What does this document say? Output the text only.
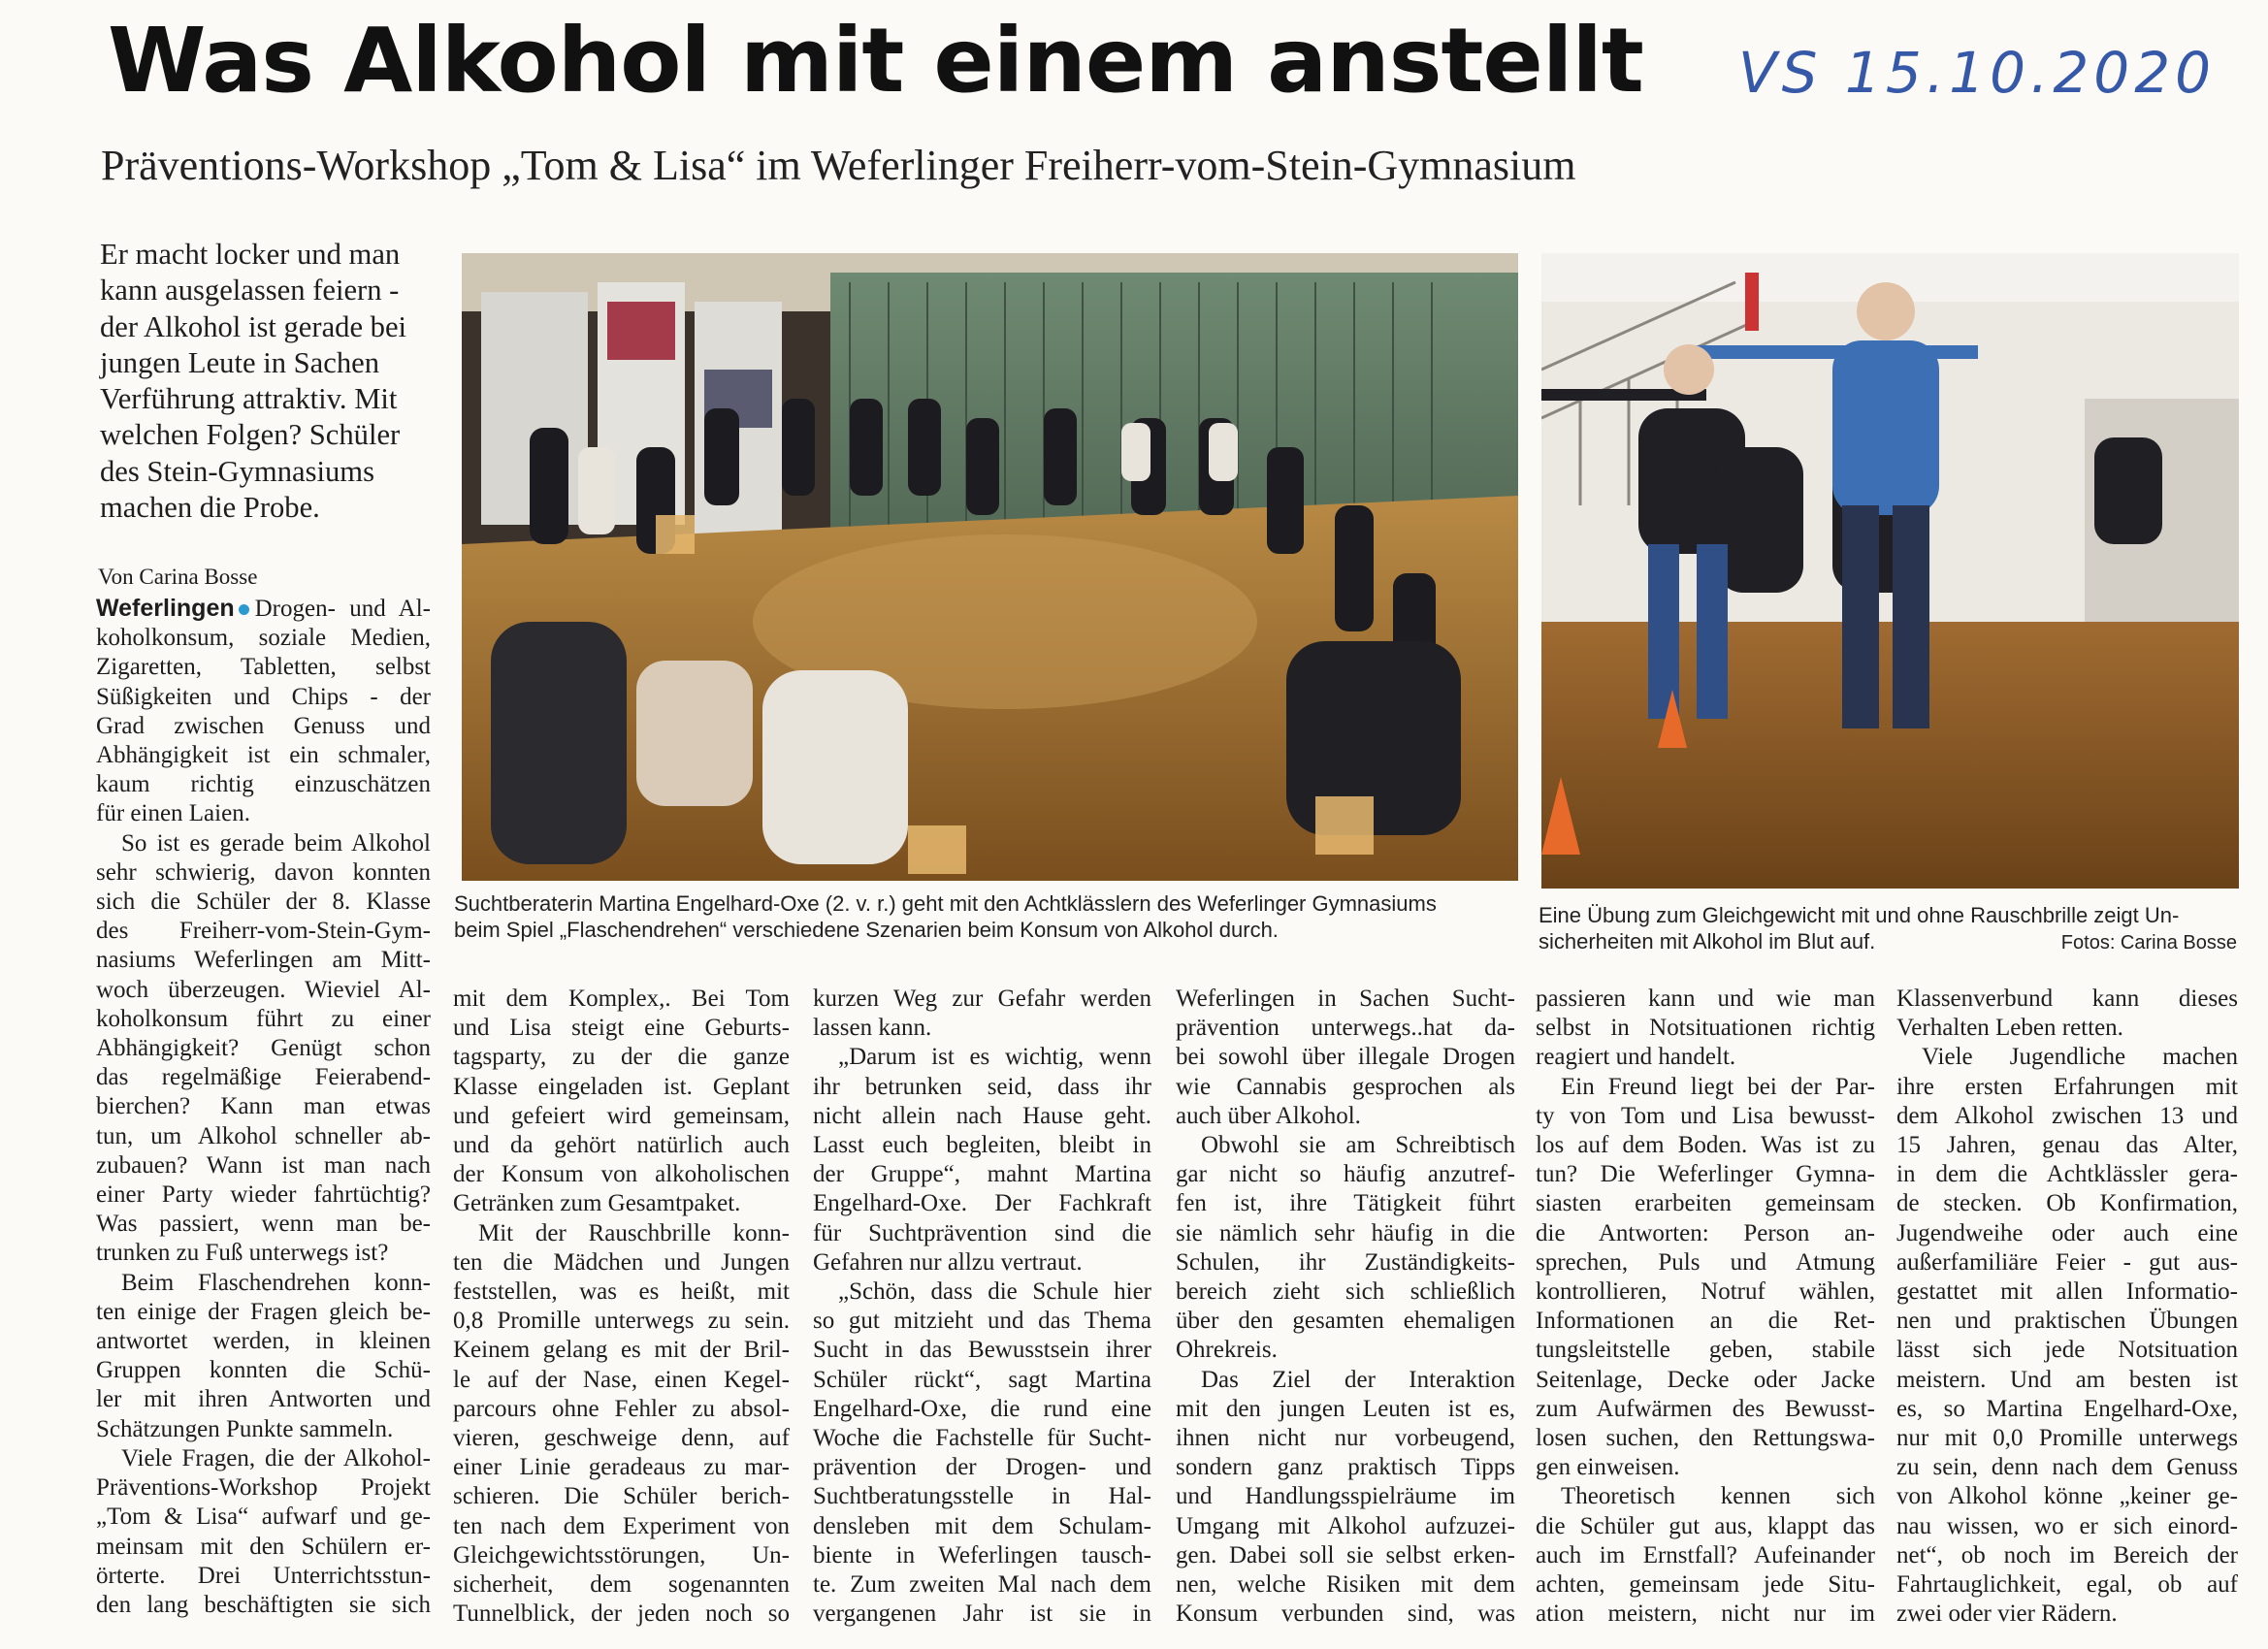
Was Alkohol mit einem anstellt VS 15.10.2020
Präventions-Workshop „Tom & Lisa“ im Weferlinger Freiherr-vom-Stein-Gymnasium
Er macht locker und man
kann ausgelassen feiern -
der Alkohol ist gerade bei
jungen Leute in Sachen
Verführung attraktiv. Mit
welchen Folgen? Schüler
des Stein-Gymnasiums
machen die Probe.
Von Carina Bosse
Suchtberaterin Martina Engelhard-Oxe (2. v. r.) geht mit den Achtklässlern des Weferlinger Gymnasiums
beim Spiel „Flaschendrehen“ verschiedene Szenarien beim Konsum von Alkohol durch.
Eine Übung zum Gleichgewicht mit und ohne Rauschbrille zeigt Un-
sicherheiten mit Alkohol im Blut auf.	Fotos: Carina Bosse
Weferlingen Drogen- und Al-
koholkonsum, soziale Medien,
Zigaretten, Tabletten, selbst
Süßigkeiten und Chips - der
Grad zwischen Genuss und
Abhängigkeit ist ein schmaler,
kaum richtig einzuschätzen
für einen Laien.
So ist es gerade beim Alkohol
sehr schwierig, davon konnten
sich die Schüler der 8. Klasse
des Freiherr-vom-Stein-Gym-
nasiums Weferlingen am Mitt-
woch überzeugen. Wieviel Al-
koholkonsum führt zu einer
Abhängigkeit? Genügt schon
das regelmäßige Feierabend-
bierchen? Kann man etwas
tun, um Alkohol schneller ab-
zubauen? Wann ist man nach
einer Party wieder fahrtüchtig?
Was passiert, wenn man be-
trunken zu Fuß unterwegs ist?
Beim Flaschendrehen konn-
ten einige der Fragen gleich be-
antwortet werden, in kleinen
Gruppen konnten die Schü-
ler mit ihren Antworten und
Schätzungen Punkte sammeln.
Viele Fragen, die der Alkohol-
Präventions-Workshop Projekt
„Tom & Lisa“ aufwarf und ge-
meinsam mit den Schülern er-
örterte. Drei Unterrichtsstun-
den lang beschäftigten sie sich
mit dem Komplex,. Bei Tom
und Lisa steigt eine Geburts-
tagsparty, zu der die ganze
Klasse eingeladen ist. Geplant
und gefeiert wird gemeinsam,
und da gehört natürlich auch
der Konsum von alkoholischen
Getränken zum Gesamtpaket.
Mit der Rauschbrille konn-
ten die Mädchen und Jungen
feststellen, was es heißt, mit
0,8 Promille unterwegs zu sein.
Keinem gelang es mit der Bril-
le auf der Nase, einen Kegel-
parcours ohne Fehler zu absol-
vieren, geschweige denn, auf
einer Linie geradeaus zu mar-
schieren. Die Schüler berich-
ten nach dem Experiment von
Gleichgewichtsstörungen, Un-
sicherheit, dem sogenannten
Tunnelblick, der jeden noch so
kurzen Weg zur Gefahr werden
lassen kann.
„Darum ist es wichtig, wenn
ihr betrunken seid, dass ihr
nicht allein nach Hause geht.
Lasst euch begleiten, bleibt in
der Gruppe“, mahnt Martina
Engelhard-Oxe. Der Fachkraft
für Suchtprävention sind die
Gefahren nur allzu vertraut.
„Schön, dass die Schule hier
so gut mitzieht und das Thema
Sucht in das Bewusstsein ihrer
Schüler rückt“, sagt Martina
Engelhard-Oxe, die rund eine
Woche die Fachstelle für Sucht-
prävention der Drogen- und
Suchtberatungsstelle in Hal-
densleben mit dem Schulam-
biente in Weferlingen tausch-
te. Zum zweiten Mal nach dem
vergangenen Jahr ist sie in
Weferlingen in Sachen Sucht-
prävention unterwegs..hat da-
bei sowohl über illegale Drogen
wie Cannabis gesprochen als
auch über Alkohol.
Obwohl sie am Schreibtisch
gar nicht so häufig anzutref-
fen ist, ihre Tätigkeit führt
sie nämlich sehr häufig in die
Schulen, ihr Zuständigkeits-
bereich zieht sich schließlich
über den gesamten ehemaligen
Ohrekreis.
Das Ziel der Interaktion
mit den jungen Leuten ist es,
ihnen nicht nur vorbeugend,
sondern ganz praktisch Tipps
und Handlungsspielräume im
Umgang mit Alkohol aufzuzei-
gen. Dabei soll sie selbst erken-
nen, welche Risiken mit dem
Konsum verbunden sind, was
passieren kann und wie man
selbst in Notsituationen richtig
reagiert und handelt.
Ein Freund liegt bei der Par-
ty von Tom und Lisa bewusst-
los auf dem Boden. Was ist zu
tun? Die Weferlinger Gymna-
siasten erarbeiten gemeinsam
die Antworten: Person an-
sprechen, Puls und Atmung
kontrollieren, Notruf wählen,
Informationen an die Ret-
tungsleitstelle geben, stabile
Seitenlage, Decke oder Jacke
zum Aufwärmen des Bewusst-
losen suchen, den Rettungswa-
gen einweisen.
Theoretisch kennen sich
die Schüler gut aus, klappt das
auch im Ernstfall? Aufeinander
achten, gemeinsam jede Situ-
ation meistern, nicht nur im
Klassenverbund kann dieses
Verhalten Leben retten.
Viele Jugendliche machen
ihre ersten Erfahrungen mit
dem Alkohol zwischen 13 und
15 Jahren, genau das Alter,
in dem die Achtklässler gera-
de stecken. Ob Konfirmation,
Jugendweihe oder auch eine
außerfamiliäre Feier - gut aus-
gestattet mit allen Informatio-
nen und praktischen Übungen
lässt sich jede Notsituation
meistern. Und am besten ist
es, so Martina Engelhard-Oxe,
nur mit 0,0 Promille unterwegs
zu sein, denn nach dem Genuss
von Alkohol könne „keiner ge-
nau wissen, wo er sich einord-
net“, ob noch im Bereich der
Fahrtauglichkeit, egal, ob auf
zwei oder vier Rädern.
